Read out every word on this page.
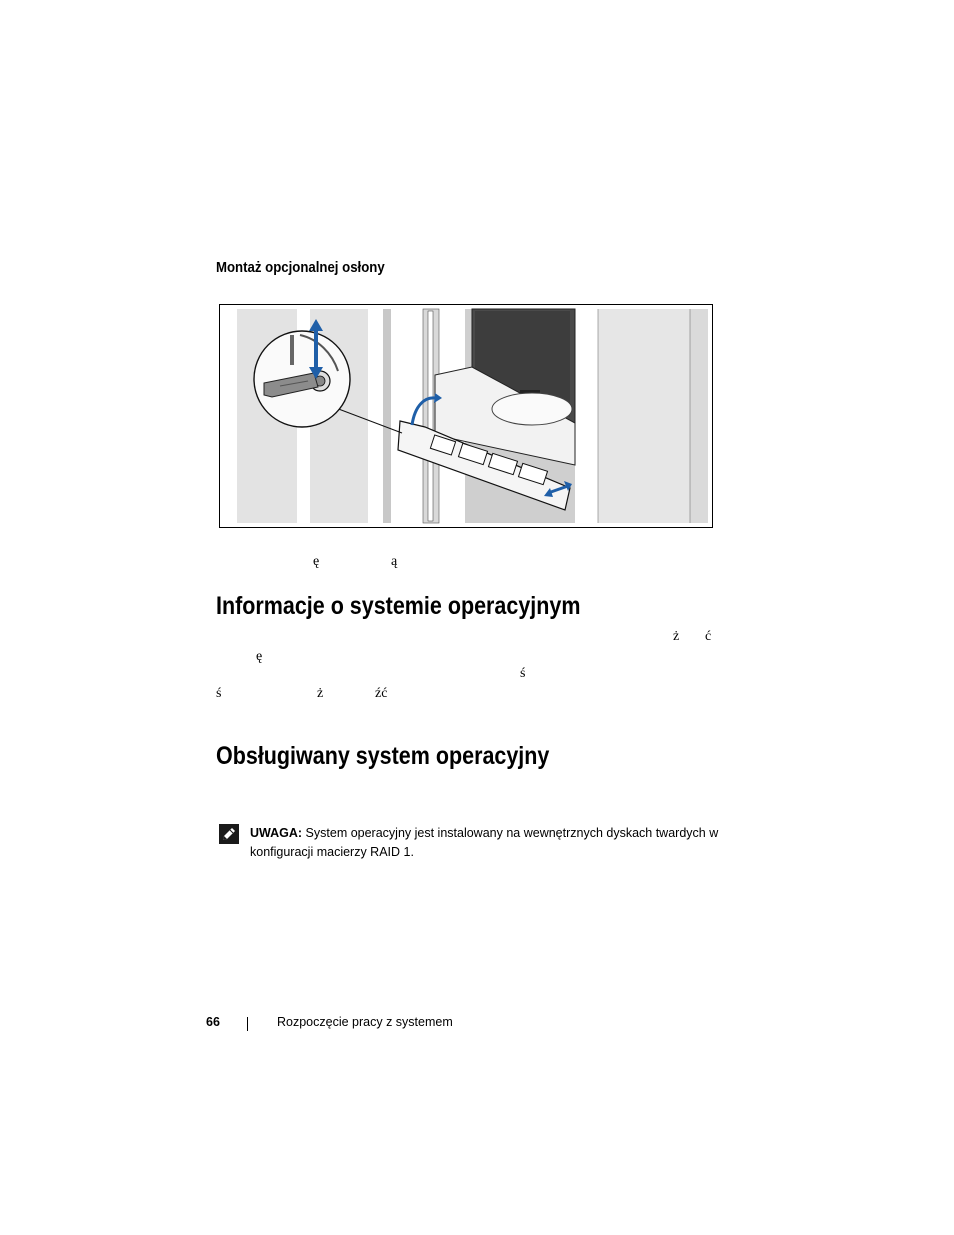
Montaż opcjonalnej osłony
ę	ą
Informacje o systemie operacyjnym
ż ć
ę
ś
ś	ż	źć
Obsługiwany system operacyjny
UWAGA: System operacyjny jest instalowany na wewnętrznych dyskach twardych w konfiguracji macierzy RAID 1.
66	Rozpoczęcie pracy z systemem
